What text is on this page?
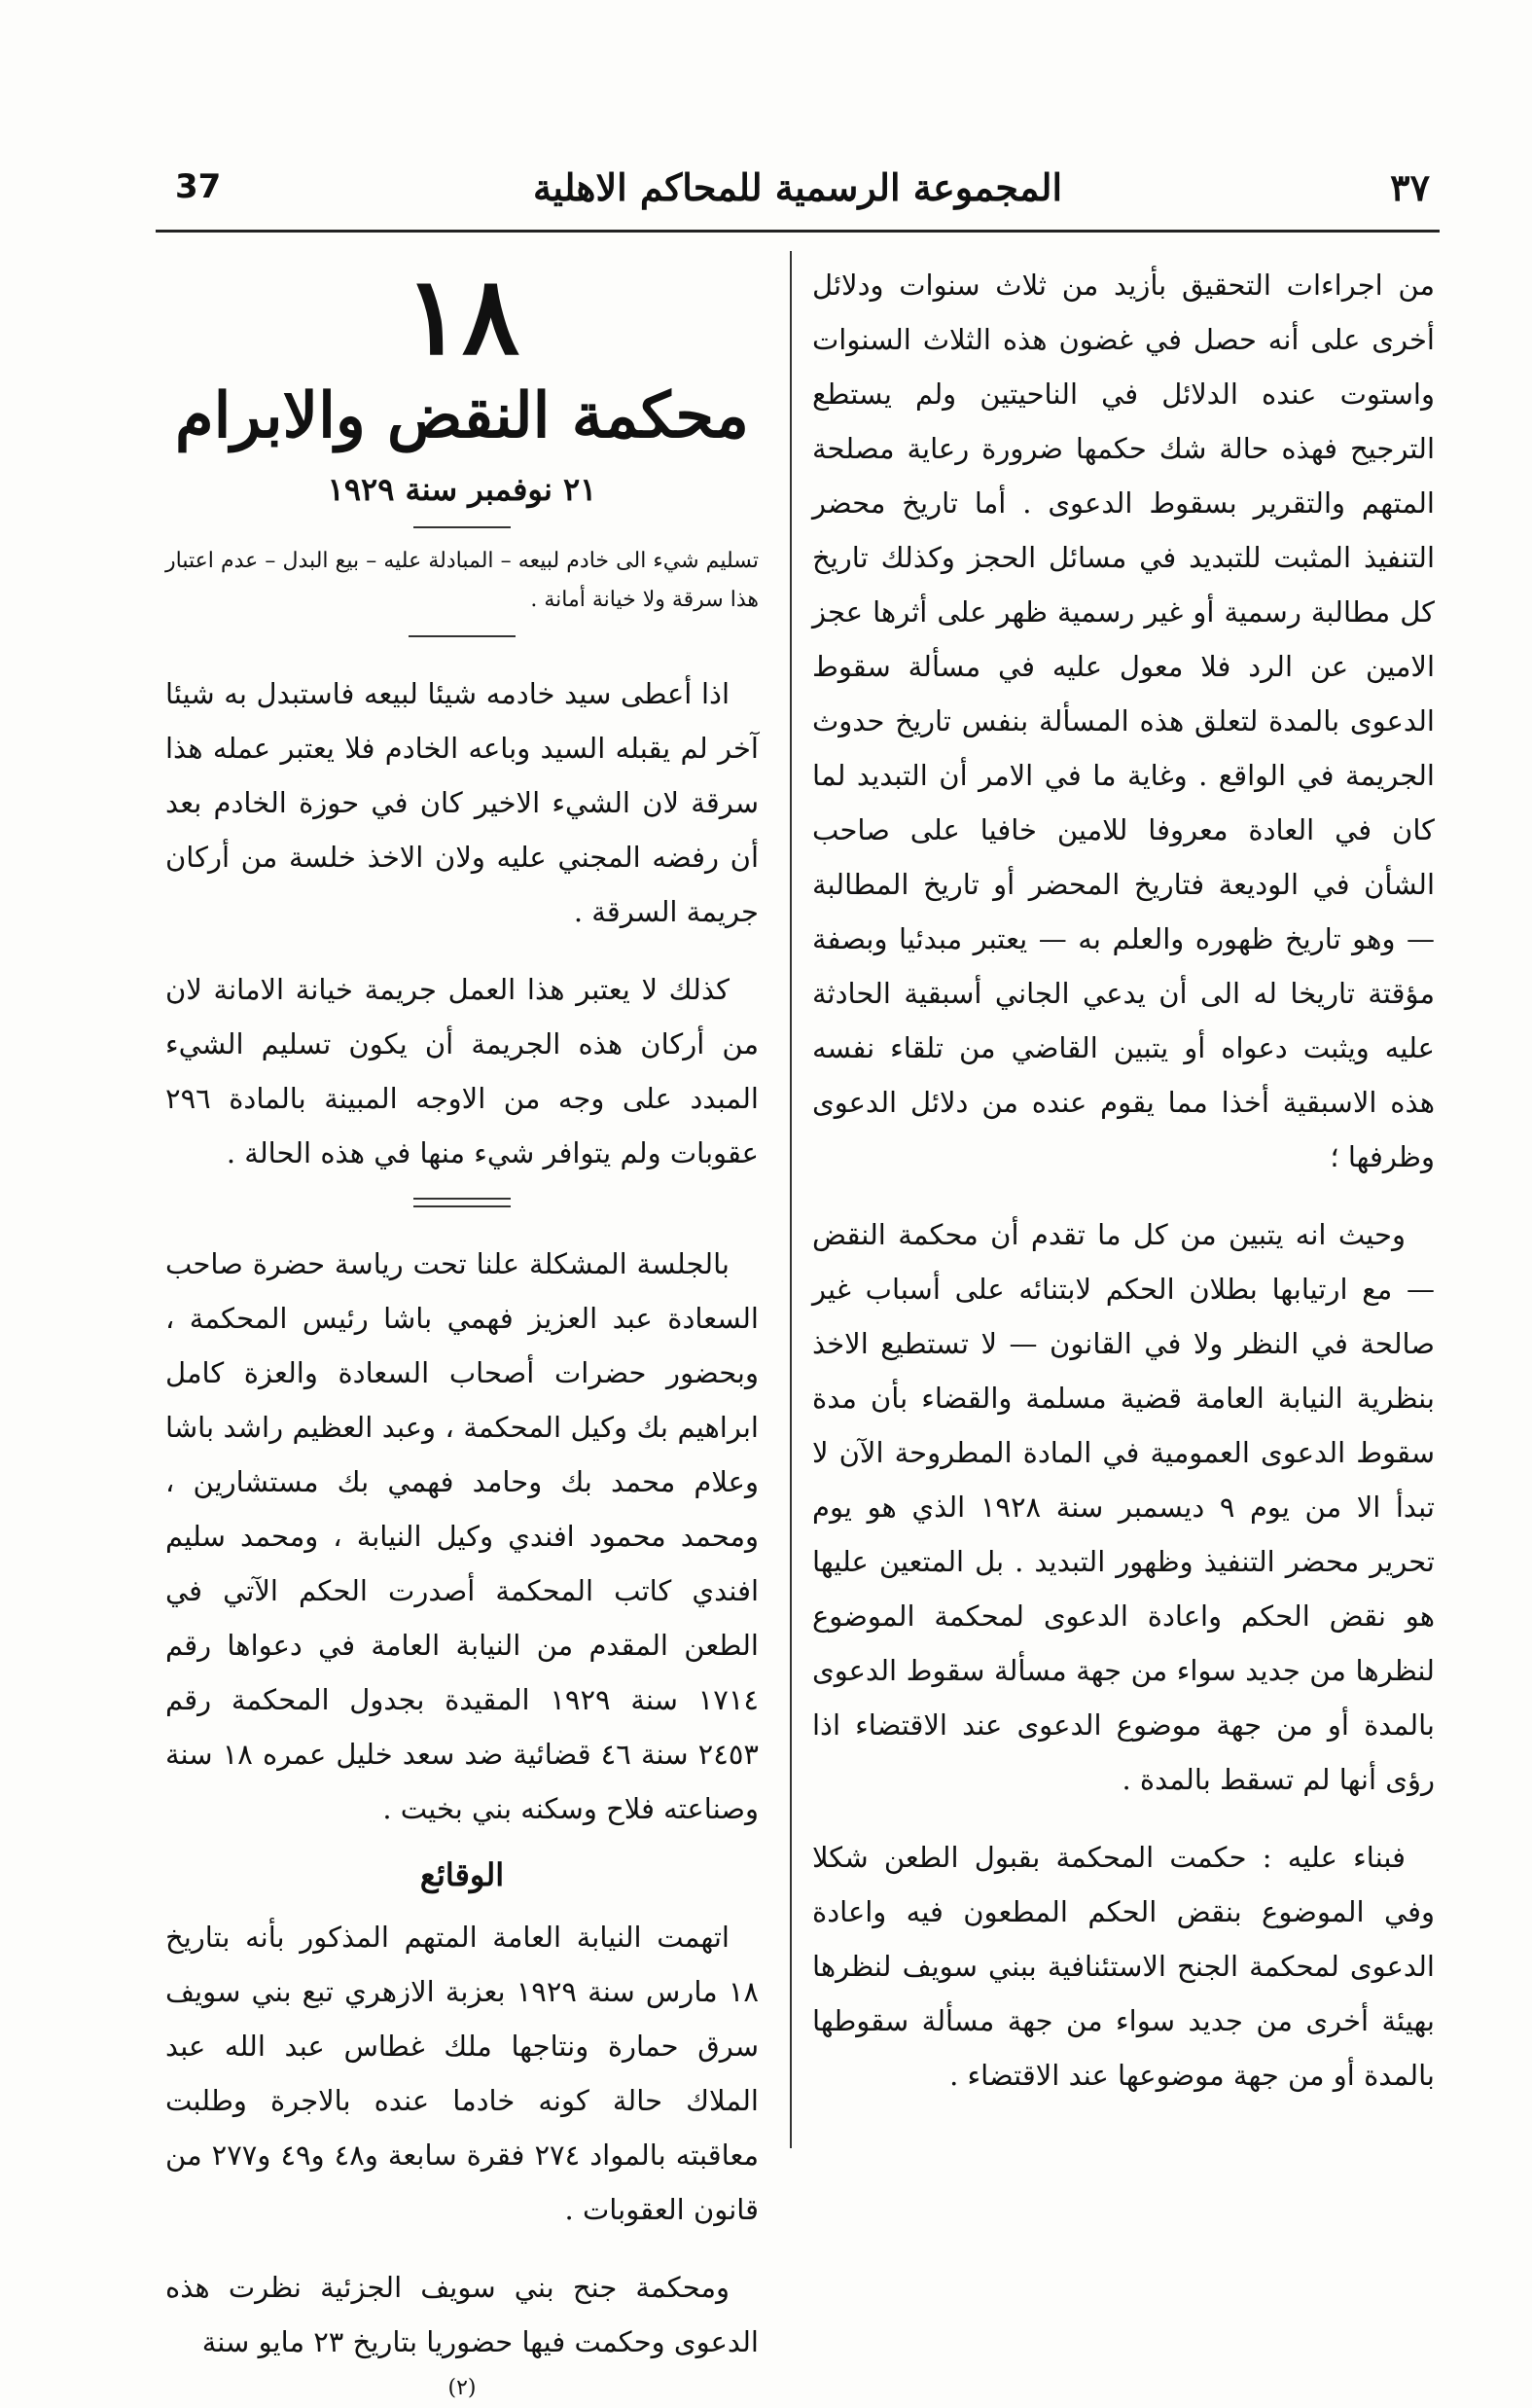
٣٧
المجموعة الرسمية للمحاكم الاهلية
37

من اجراءات التحقيق بأزيد من ثلاث سنوات ودلائل أخرى على أنه حصل في غضون هذه الثلاث السنوات واستوت عنده الدلائل في الناحيتين ولم يستطع الترجيح فهذه حالة شك حكمها ضرورة رعاية مصلحة المتهم والتقرير بسقوط الدعوى . أما تاريخ محضر التنفيذ المثبت للتبديد في مسائل الحجز وكذلك تاريخ كل مطالبة رسمية أو غير رسمية ظهر على أثرها عجز الامين عن الرد فلا معول عليه في مسألة سقوط الدعوى بالمدة لتعلق هذه المسألة بنفس تاريخ حدوث الجريمة في الواقع . وغاية ما في الامر أن التبديد لما كان في العادة معروفا للامين خافيا على صاحب الشأن في الوديعة فتاريخ المحضر أو تاريخ المطالبة — وهو تاريخ ظهوره والعلم به — يعتبر مبدئيا وبصفة مؤقتة تاريخا له الى أن يدعي الجاني أسبقية الحادثة عليه ويثبت دعواه أو يتبين القاضي من تلقاء نفسه هذه الاسبقية أخذا مما يقوم عنده من دلائل الدعوى وظرفها ؛

وحيث انه يتبين من كل ما تقدم أن محكمة النقض — مع ارتيابها بطلان الحكم لابتنائه على أسباب غير صالحة في النظر ولا في القانون — لا تستطيع الاخذ بنظرية النيابة العامة قضية مسلمة والقضاء بأن مدة سقوط الدعوى العمومية في المادة المطروحة الآن لا تبدأ الا من يوم ٩ ديسمبر سنة ١٩٢٨ الذي هو يوم تحرير محضر التنفيذ وظهور التبديد . بل المتعين عليها هو نقض الحكم واعادة الدعوى لمحكمة الموضوع لنظرها من جديد سواء من جهة مسألة سقوط الدعوى بالمدة أو من جهة موضوع الدعوى عند الاقتضاء اذا رؤى أنها لم تسقط بالمدة .

فبناء عليه : حكمت المحكمة بقبول الطعن شكلا وفي الموضوع بنقض الحكم المطعون فيه واعادة الدعوى لمحكمة الجنح الاستئنافية ببني سويف لنظرها بهيئة أخرى من جديد سواء من جهة مسألة سقوطها بالمدة أو من جهة موضوعها عند الاقتضاء .

١٨
محكمة النقض والابرام
٢١ نوفمبر سنة ١٩٢٩

تسليم شيء الى خادم لبيعه – المبادلة عليه – بيع البدل – عدم اعتبار هذا سرقة ولا خيانة أمانة .

اذا أعطى سيد خادمه شيئا لبيعه فاستبدل به شيئا آخر لم يقبله السيد وباعه الخادم فلا يعتبر عمله هذا سرقة لان الشيء الاخير كان في حوزة الخادم بعد أن رفضه المجني عليه ولان الاخذ خلسة من أركان جريمة السرقة .

كذلك لا يعتبر هذا العمل جريمة خيانة الامانة لان من أركان هذه الجريمة أن يكون تسليم الشيء المبدد على وجه من الاوجه المبينة بالمادة ٢٩٦ عقوبات ولم يتوافر شيء منها في هذه الحالة .

بالجلسة المشكلة علنا تحت رياسة حضرة صاحب السعادة عبد العزيز فهمي باشا رئيس المحكمة ، وبحضور حضرات أصحاب السعادة والعزة كامل ابراهيم بك وكيل المحكمة ، وعبد العظيم راشد باشا وعلام محمد بك وحامد فهمي بك مستشارين ، ومحمد محمود افندي وكيل النيابة ، ومحمد سليم افندي كاتب المحكمة أصدرت الحكم الآتي في الطعن المقدم من النيابة العامة في دعواها رقم ١٧١٤ سنة ١٩٢٩ المقيدة بجدول المحكمة رقم ٢٤٥٣ سنة ٤٦ قضائية ضد سعد خليل عمره ١٨ سنة وصناعته فلاح وسكنه بني بخيت .

الوقائع

اتهمت النيابة العامة المتهم المذكور بأنه بتاريخ ١٨ مارس سنة ١٩٢٩ بعزبة الازهري تبع بني سويف سرق حمارة ونتاجها ملك غطاس عبد الله عبد الملاك حالة كونه خادما عنده بالاجرة وطلبت معاقبته بالمواد ٢٧٤ فقرة سابعة و٤٨ و٤٩ و٢٧٧ من قانون العقوبات .

ومحكمة جنح بني سويف الجزئية نظرت هذه الدعوى وحكمت فيها حضوريا بتاريخ ٢٣ مايو سنة

(٢)
